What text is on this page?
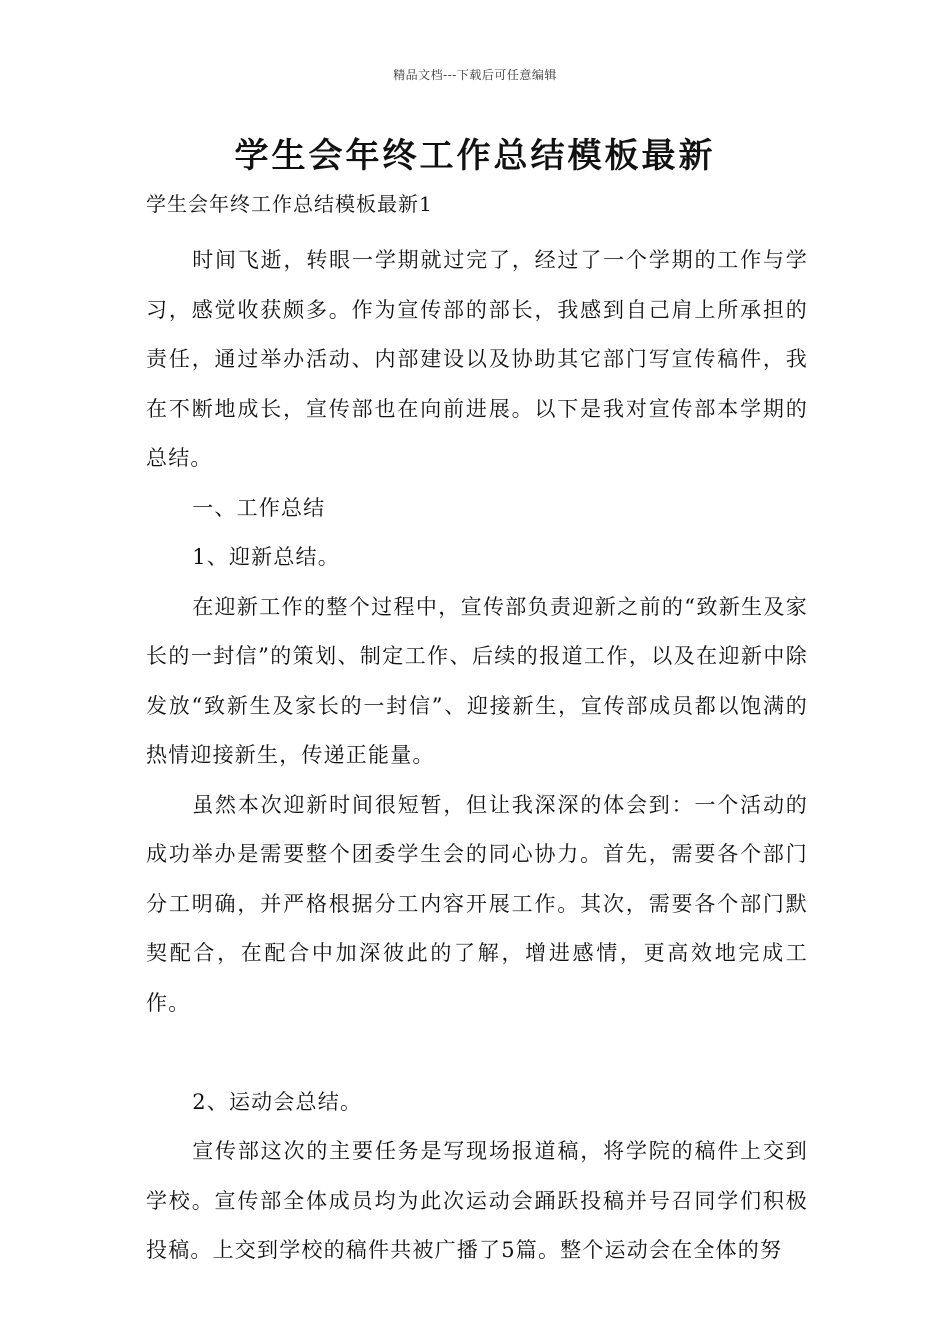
精品文档---下载后可任意编辑
学生会年终工作总结模板最新
学生会年终工作总结模板最新1

时间飞逝，转眼一学期就过完了，经过了一个学期的工作与学习，感觉收获颇多。作为宣传部的部长，我感到自己肩上所承担的责任，通过举办活动、内部建设以及协助其它部门写宣传稿件，我在不断地成长，宣传部也在向前进展。以下是我对宣传部本学期的总结。

一、工作总结

1、迎新总结。

在迎新工作的整个过程中，宣传部负责迎新之前的“致新生及家长的一封信”的策划、制定工作、后续的报道工作，以及在迎新中除发放“致新生及家长的一封信”、迎接新生，宣传部成员都以饱满的热情迎接新生，传递正能量。

虽然本次迎新时间很短暂，但让我深深的体会到：一个活动的成功举办是需要整个团委学生会的同心协力。首先，需要各个部门分工明确，并严格根据分工内容开展工作。其次，需要各个部门默契配合，在配合中加深彼此的了解，增进感情，更高效地完成工作。

2、运动会总结。

宣传部这次的主要任务是写现场报道稿，将学院的稿件上交到学校。宣传部全体成员均为此次运动会踊跃投稿并号召同学们积极投稿。上交到学校的稿件共被广播了5篇。整个运动会在全体的努
